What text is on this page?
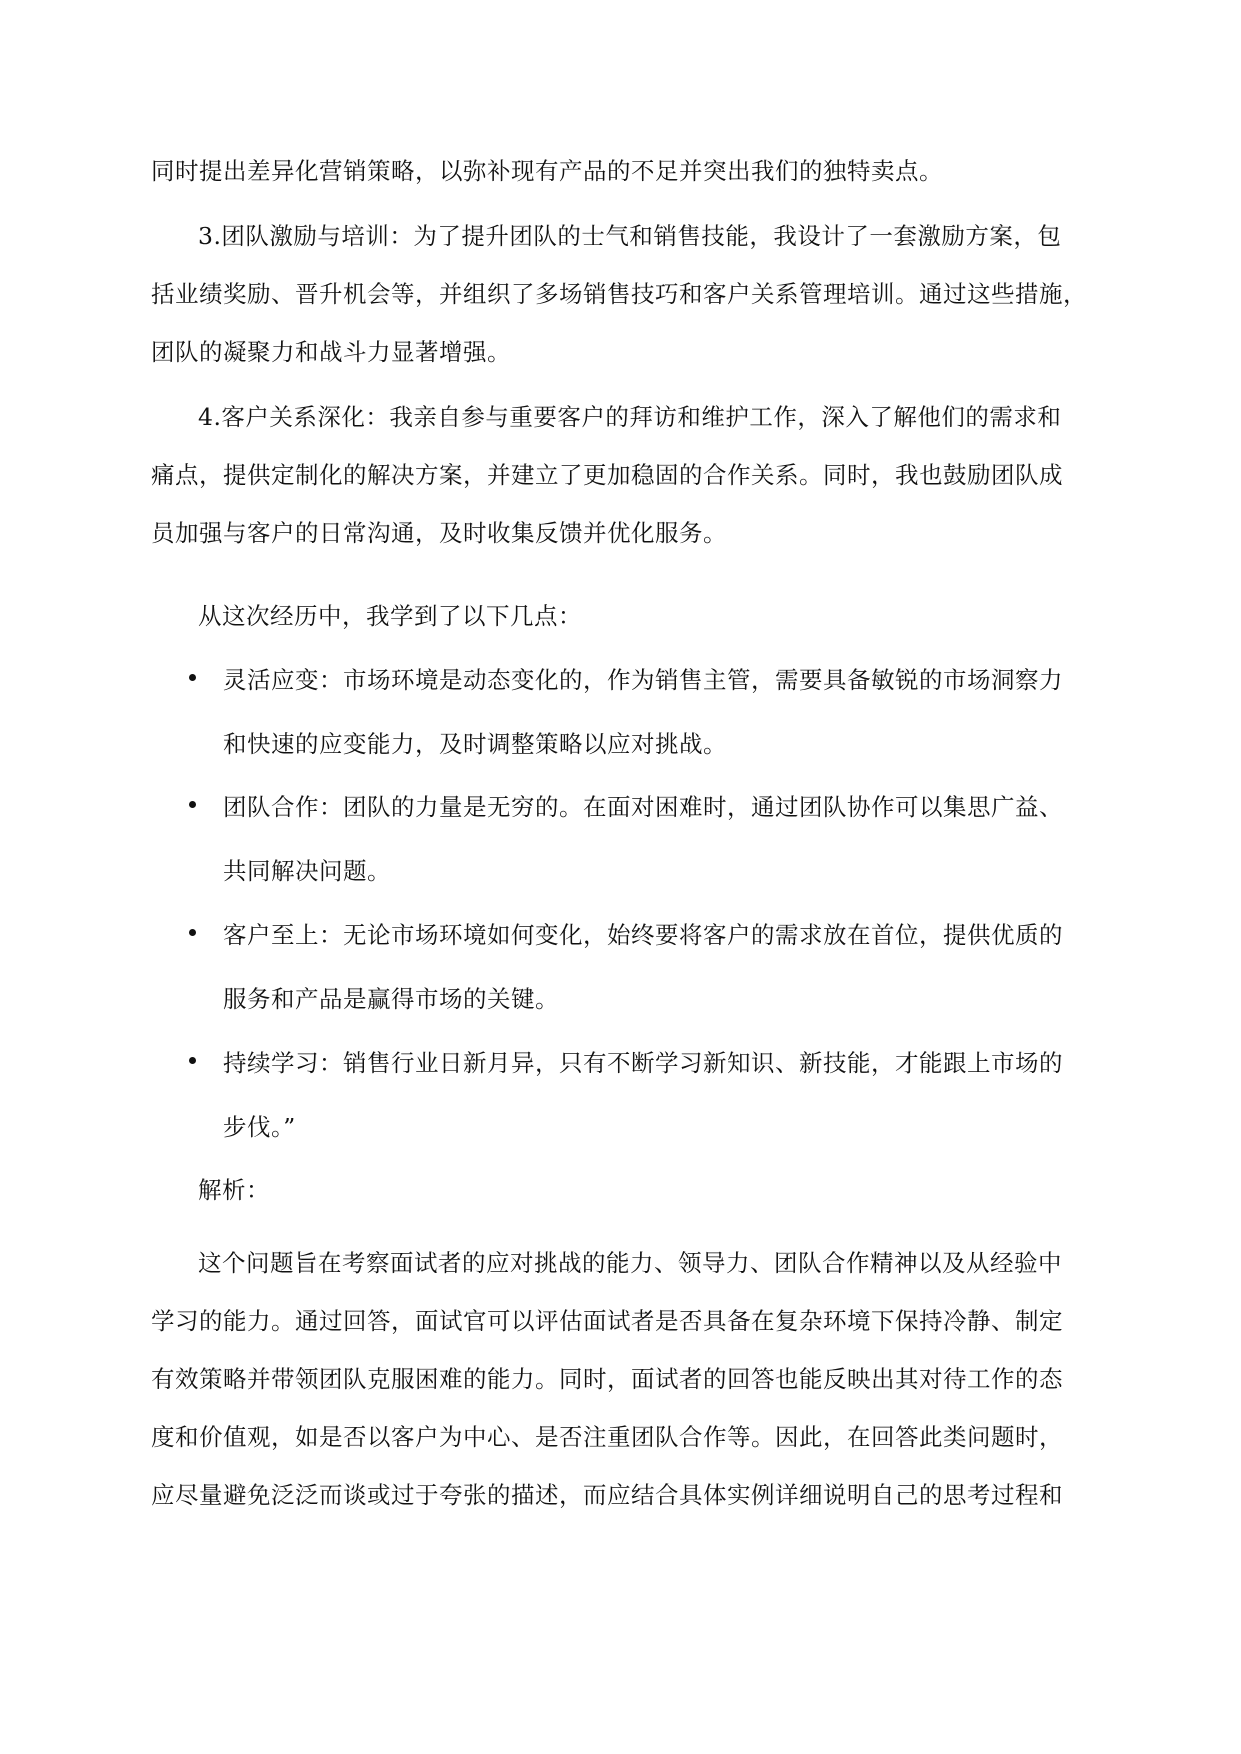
同时提出差异化营销策略，以弥补现有产品的不足并突出我们的独特卖点。
3.团队激励与培训：为了提升团队的士气和销售技能，我设计了一套激励方案，包
括业绩奖励、晋升机会等，并组织了多场销售技巧和客户关系管理培训。通过这些措施，
团队的凝聚力和战斗力显著增强。
4.客户关系深化：我亲自参与重要客户的拜访和维护工作，深入了解他们的需求和
痛点，提供定制化的解决方案，并建立了更加稳固的合作关系。同时，我也鼓励团队成
员加强与客户的日常沟通，及时收集反馈并优化服务。
从这次经历中，我学到了以下几点：
灵活应变：市场环境是动态变化的，作为销售主管，需要具备敏锐的市场洞察力
和快速的应变能力，及时调整策略以应对挑战。
团队合作：团队的力量是无穷的。在面对困难时，通过团队协作可以集思广益、
共同解决问题。
客户至上：无论市场环境如何变化，始终要将客户的需求放在首位，提供优质的
服务和产品是赢得市场的关键。
持续学习：销售行业日新月异，只有不断学习新知识、新技能，才能跟上市场的
步伐。”
解析：
这个问题旨在考察面试者的应对挑战的能力、领导力、团队合作精神以及从经验中
学习的能力。通过回答，面试官可以评估面试者是否具备在复杂环境下保持冷静、制定
有效策略并带领团队克服困难的能力。同时，面试者的回答也能反映出其对待工作的态
度和价值观，如是否以客户为中心、是否注重团队合作等。因此，在回答此类问题时，
应尽量避免泛泛而谈或过于夸张的描述，而应结合具体实例详细说明自己的思考过程和
